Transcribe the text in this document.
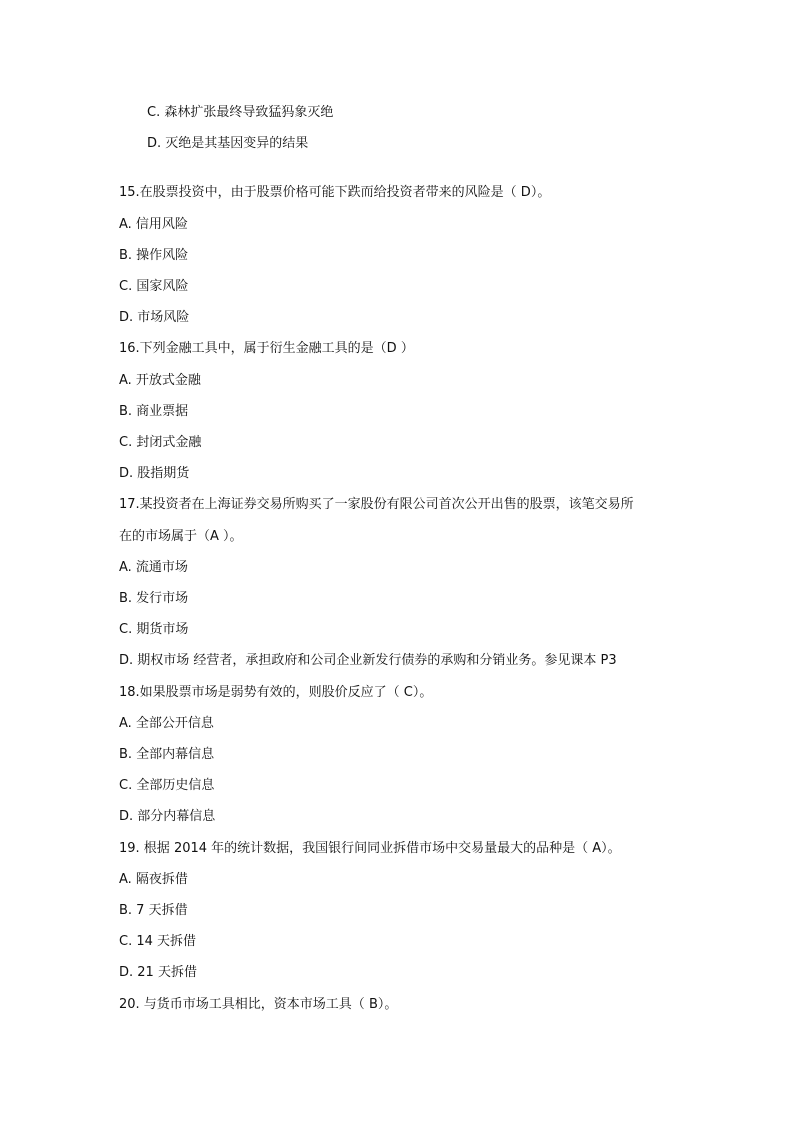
C. 森林扩张最终导致猛犸象灭绝
D. 灭绝是其基因变异的结果
15.在股票投资中，由于股票价格可能下跌而给投资者带来的风险是（ D）。
A. 信用风险
B. 操作风险
C. 国家风险
D. 市场风险
16.下列金融工具中，属于衍生金融工具的是（D ）
A. 开放式金融
B. 商业票据
C. 封闭式金融
D. 股指期货
17.某投资者在上海证券交易所购买了一家股份有限公司首次公开出售的股票，该笔交易所
在的市场属于（A ）。
A. 流通市场
B. 发行市场
C. 期货市场
D. 期权市场 经营者，承担政府和公司企业新发行债券的承购和分销业务。参见课本 P3
18.如果股票市场是弱势有效的，则股价反应了（ C）。
A. 全部公开信息
B. 全部内幕信息
C. 全部历史信息
D. 部分内幕信息
19. 根据 2014 年的统计数据，我国银行间同业拆借市场中交易量最大的品种是（ A）。
A. 隔夜拆借
B. 7 天拆借
C. 14 天拆借
D. 21 天拆借
20. 与货币市场工具相比，资本市场工具（ B）。
